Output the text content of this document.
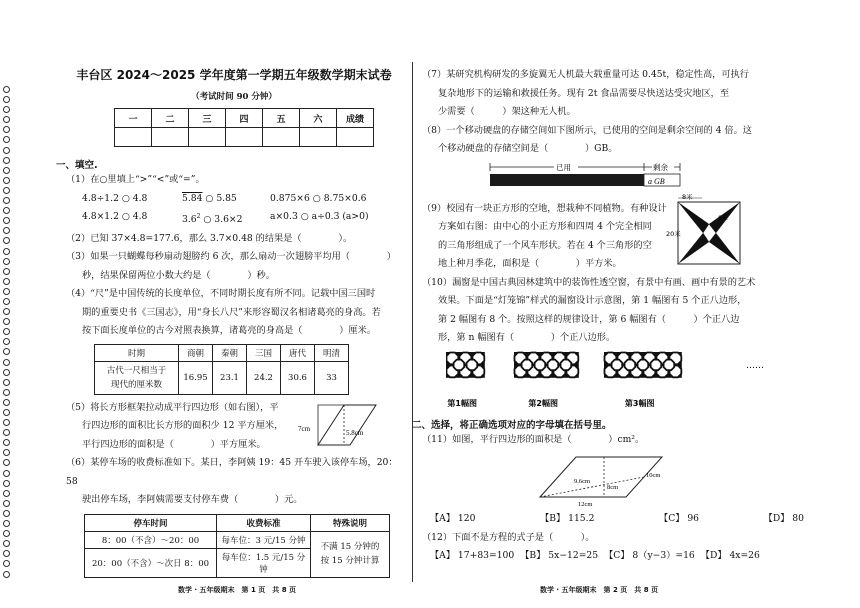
丰台区 2024～2025 学年度第一学期五年级数学期末试卷
（考试时间 90 分钟）
一	二	三	四	五	六	成绩

一、填空.
（1）在○里填上“>”“<”或“=”。
4.8÷1.2 ○ 4.8	5.84 ○ 5.85	0.875×6 ○ 8.75×0.6
4.8×1.2 ○ 4.8	$3.6^2$ ○ 3.6×2	a×0.3 ○ a÷0.3 (a>0)
（2）已知 37×4.8=177.6，那么 3.7×0.48 的结果是（　　　　）。
（3）如果一只蝴蝶每秒扇动翅膀约 6 次，那么扇动一次翅膀平均用（　　　　）
秒，结果保留两位小数大约是（　　　　）秒。
（4）“尺”是中国传统的长度单位，不同时期长度有所不同。记载中国三国时
期的重要史书《三国志》，用“身长八尺”来形容蜀汉名相诸葛亮的身高。若
按下面长度单位的古今对照表换算，诸葛亮的身高是（　　　　）厘米。
时期	商朝	秦朝	三国	唐代	明清
古代一尺相当于
现代的厘米数	16.95	23.1	24.2	30.6	33
（5）将长方形框架拉动成平行四边形（如右图），平
行四边形的面积比长方形的面积少 12 平方厘米，
平行四边形的面积是（　　　　）平方厘米。
7cm	5.8cm
（6）某停车场的收费标准如下。某日，李阿姨 19：45 开车驶入该停车场，20：58
驶出停车场，李阿姨需要支付停车费（　　　　）元。
停车时间	收费标准	特殊说明
8：00（不含）～20：00	每车位：3 元/15 分钟	不满 15 分钟的
按 15 分钟计算
20：00（不含）～次日 8：00	每车位：1.5 元/15 分钟	
（7）某研究机构研发的多旋翼无人机最大载重量可达 0.45t，稳定性高，可执行
复杂地形下的运输和救援任务。现有 2t 食品需要尽快送达受灾地区，至
少需要（　　　）架这种无人机。
（8）一个移动硬盘的存储空间如下图所示，已使用的空间是剩余空间的 4 倍。这
个移动硬盘的存储空间是（　　　　）GB。
已用	剩余
a GB
（9）校园有一块正方形的空地，想栽种不同植物。有种设计
方案如右图：由中心的小正方形和四周 4 个完全相同
的三角形组成了一个风车形状。若在 4 个三角形的空
地上种月季花，面积是（　　　　）平方米。
8米
20米
6米
（10）漏窗是中国古典园林建筑中的装饰性透空窗，有景中有画、画中有景的艺术
效果。下面是“灯笼锦”样式的漏窗设计示意图，第 1 幅图有 5 个正八边形，
第 2 幅图有 8 个。按照这样的规律设计，第 6 幅图有（　　　）个正八边
形，第 n 幅图有（　　　　）个正八边形。
第1幅图	第2幅图	第3幅图
……
二、选择，将正确选项对应的字母填在括号里。
（11）如图，平行四边形的面积是（　　　　）cm²。
10cm
9.6cm
8cm
12cm
【A】 120	【B】 115.2	【C】 96	【D】 80
（12）下面不是方程的式子是（　　　）。
【A】 17+83=100 【B】 5x−12=25 【C】 8（y−3）=16 【D】 4x=26
数学 · 五年级期末　第 1 页　共 8 页	数学 · 五年级期末　第 2 页　共 8 页
